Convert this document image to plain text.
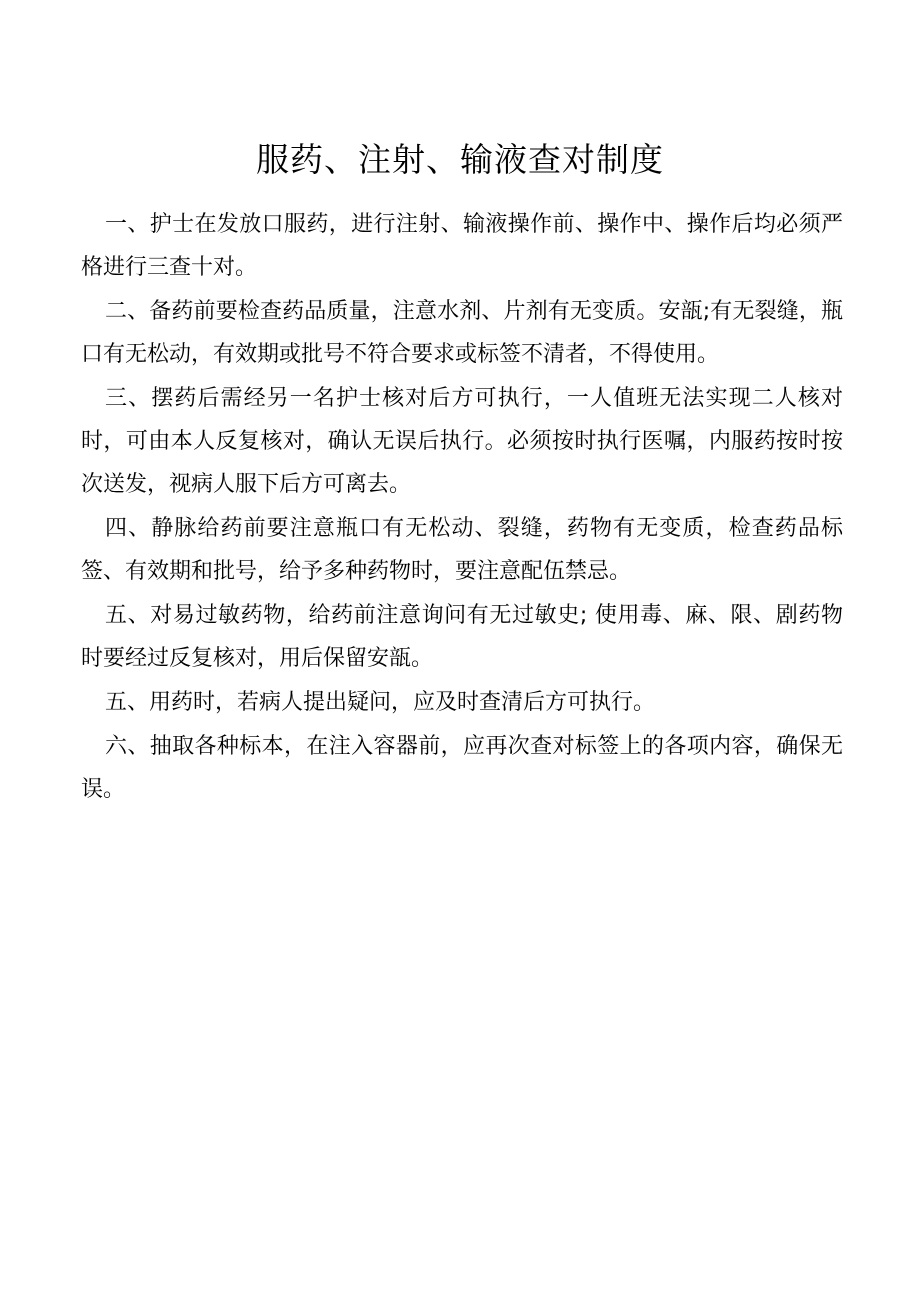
服药、注射、输液查对制度

一、护士在发放口服药，进行注射、输液操作前、操作中、操作后均必须严格进行三查十对。

二、备药前要检查药品质量，注意水剂、片剂有无变质。安瓿;有无裂缝，瓶口有无松动，有效期或批号不符合要求或标签不清者，不得使用。

三、摆药后需经另一名护士核对后方可执行，一人值班无法实现二人核对时，可由本人反复核对，确认无误后执行。必须按时执行医嘱，内服药按时按次送发，视病人服下后方可离去。

四、静脉给药前要注意瓶口有无松动、裂缝，药物有无变质，检查药品标签、有效期和批号，给予多种药物时，要注意配伍禁忌。

五、对易过敏药物，给药前注意询问有无过敏史; 使用毒、麻、限、剧药物时要经过反复核对，用后保留安瓿。

五、用药时，若病人提出疑问，应及时查清后方可执行。

六、抽取各种标本，在注入容器前，应再次查对标签上的各项内容，确保无误。
